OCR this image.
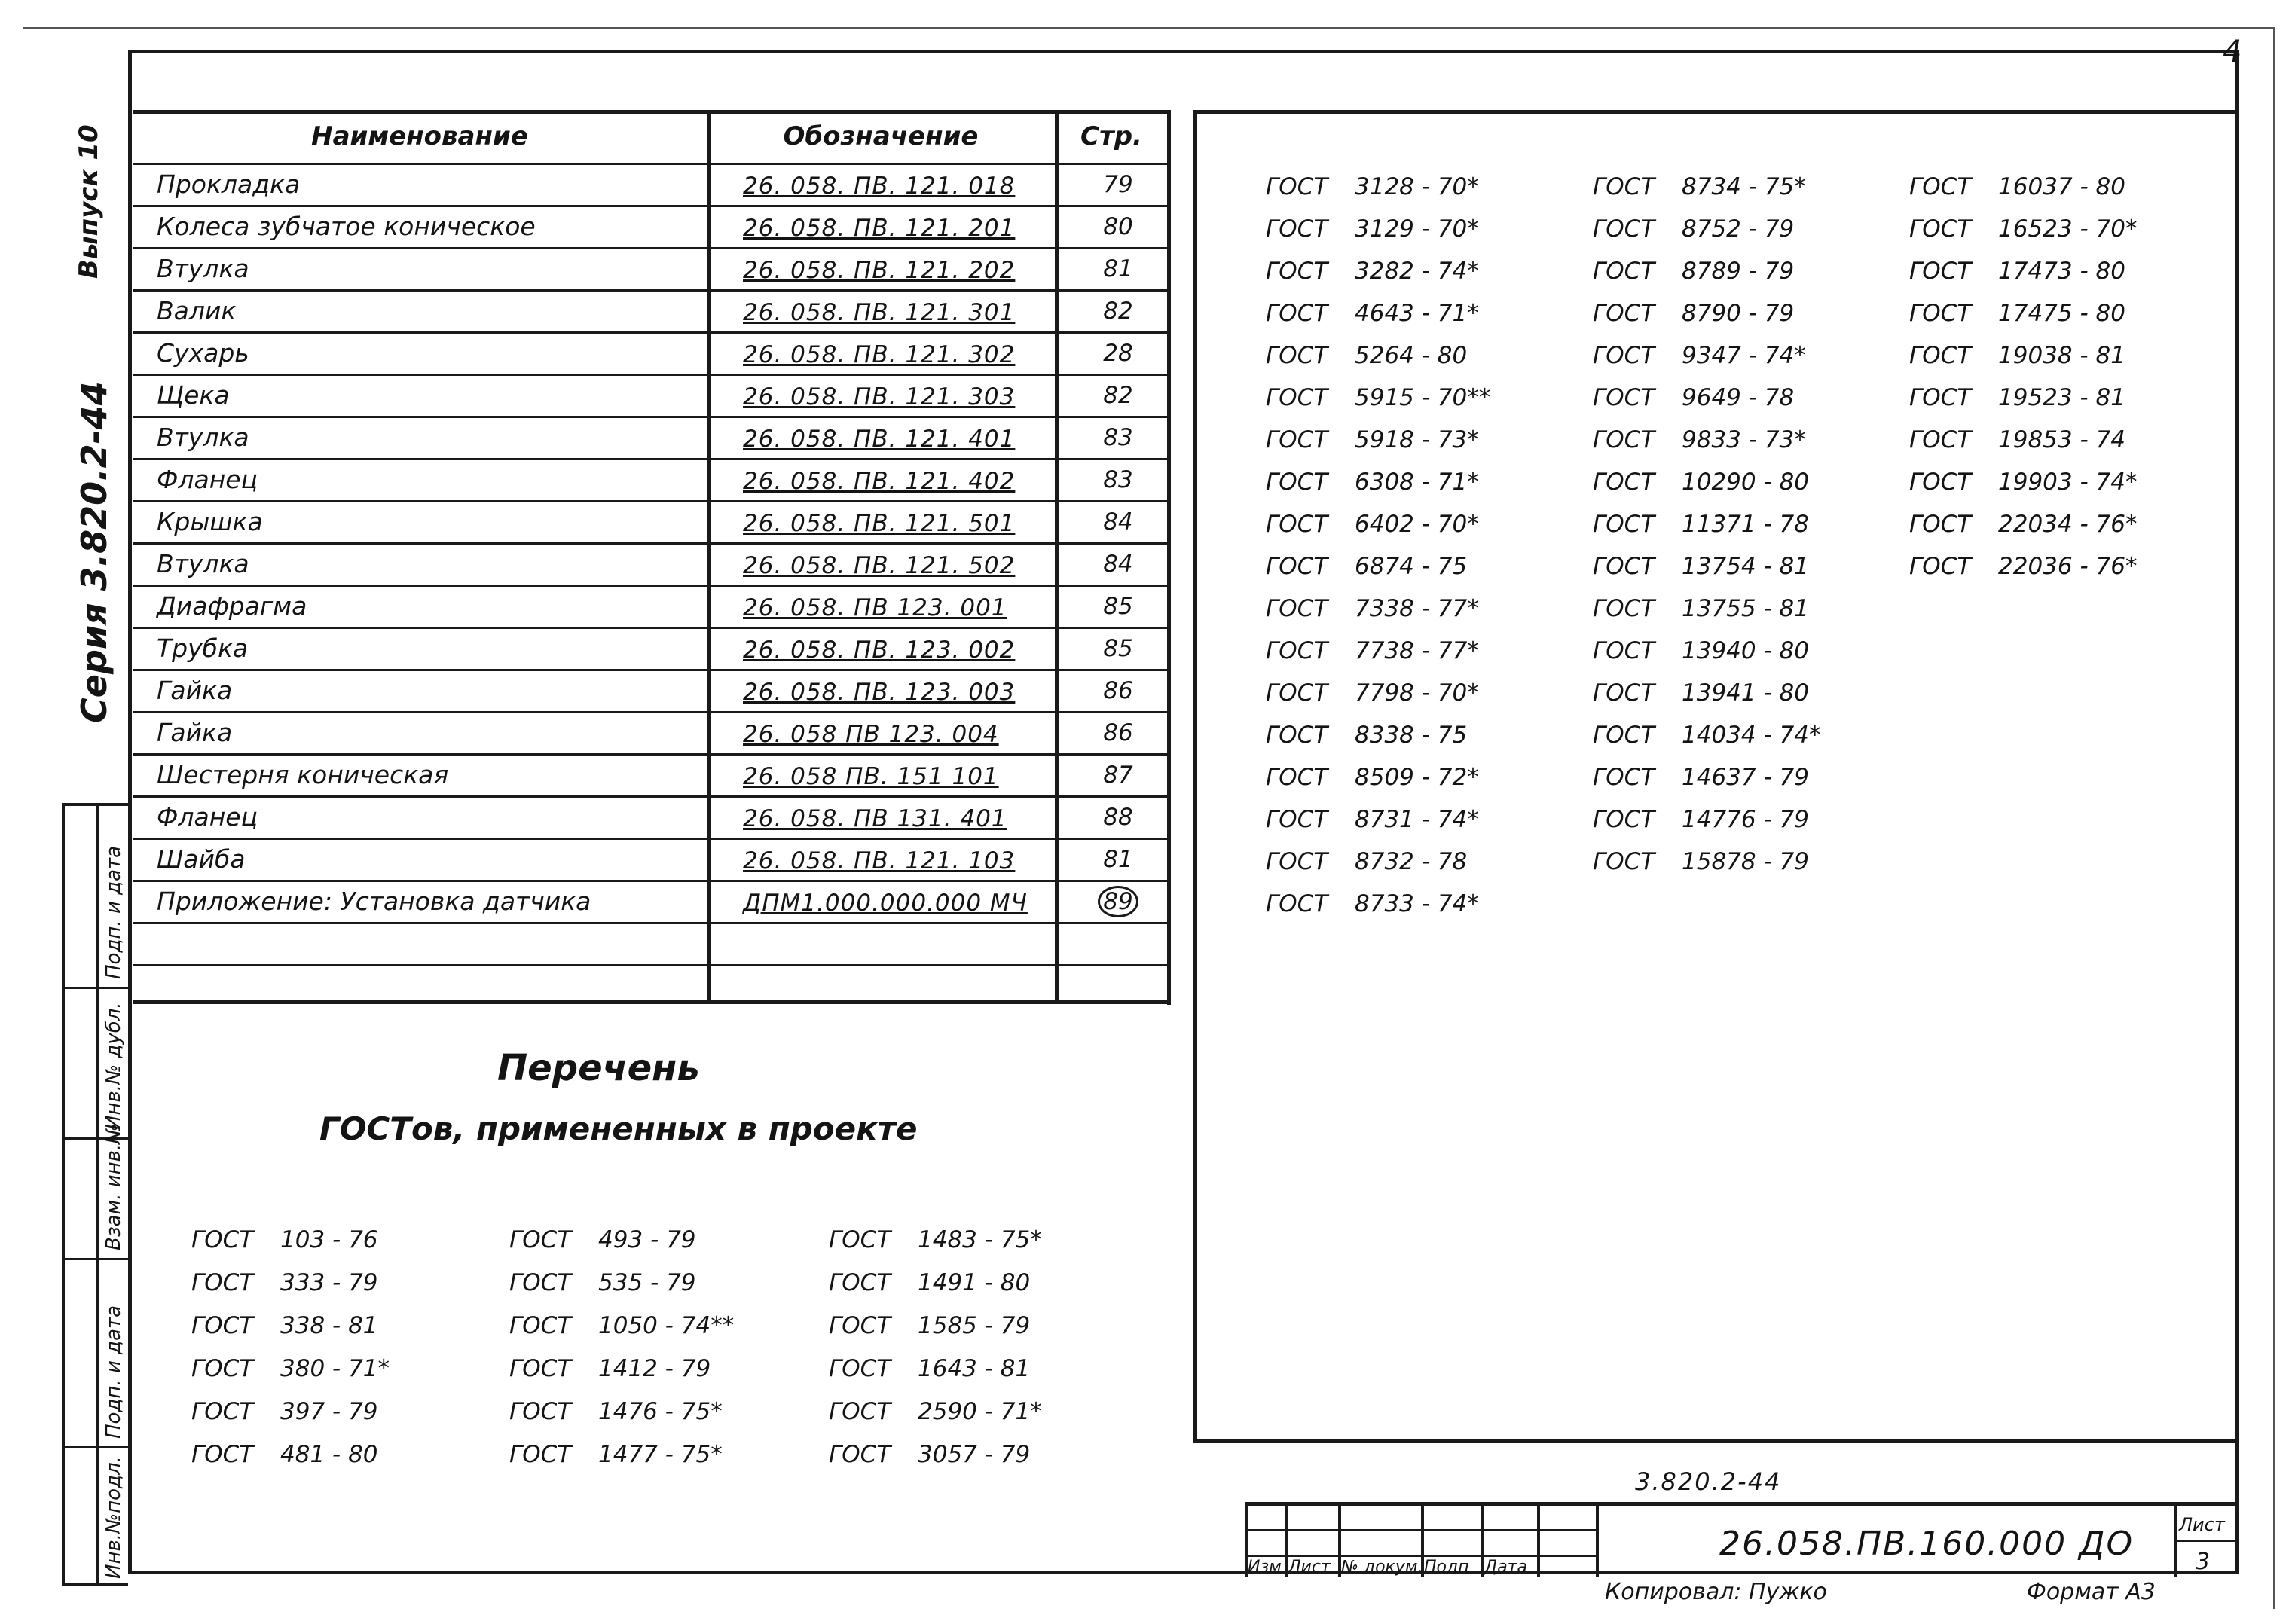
4
Серия 3.820.2-44
Выпуск 10
Подп. и дата
Инв.№ дубл.
Взам. инв.№
Подп. и дата
Инв.№подл.
Наименование	Обозначение	Стр.
Прокладка	26. 058. ПВ. 121. 018	79
Колеса зубчатое коническое	26. 058. ПВ. 121. 201	80
Втулка	26. 058. ПВ. 121. 202	81
Валик	26. 058. ПВ. 121. 301	82
Сухарь	26. 058. ПВ. 121. 302	28
Щека	26. 058. ПВ. 121. 303	82
Втулка	26. 058. ПВ. 121. 401	83
Фланец	26. 058. ПВ. 121. 402	83
Крышка	26. 058. ПВ. 121. 501	84
Втулка	26. 058. ПВ. 121. 502	84
Диафрагма	26. 058. ПВ 123. 001	85
Трубка	26. 058. ПВ. 123. 002	85
Гайка	26. 058. ПВ. 123. 003	86
Гайка	26. 058 ПВ 123. 004	86
Шестерня коническая	26. 058 ПВ. 151 101	87
Фланец	26. 058. ПВ 131. 401	88
Шайба	26. 058. ПВ. 121. 103	81
Приложение: Установка датчика	ДПМ1.000.000.000 МЧ	89
Перечень
ГОСТов, примененных в проекте
ГОСТ 103 - 76
ГОСТ 333 - 79
ГОСТ 338 - 81
ГОСТ 380 - 71*
ГОСТ 397 - 79
ГОСТ 481 - 80
ГОСТ 493 - 79
ГОСТ 535 - 79
ГОСТ 1050 - 74**
ГОСТ 1412 - 79
ГОСТ 1476 - 75*
ГОСТ 1477 - 75*
ГОСТ 1483 - 75*
ГОСТ 1491 - 80
ГОСТ 1585 - 79
ГОСТ 1643 - 81
ГОСТ 2590 - 71*
ГОСТ 3057 - 79
ГОСТ 3128 - 70*
ГОСТ 3129 - 70*
ГОСТ 3282 - 74*
ГОСТ 4643 - 71*
ГОСТ 5264 - 80
ГОСТ 5915 - 70**
ГОСТ 5918 - 73*
ГОСТ 6308 - 71*
ГОСТ 6402 - 70*
ГОСТ 6874 - 75
ГОСТ 7338 - 77*
ГОСТ 7738 - 77*
ГОСТ 7798 - 70*
ГОСТ 8338 - 75
ГОСТ 8509 - 72*
ГОСТ 8731 - 74*
ГОСТ 8732 - 78
ГОСТ 8733 - 74*
ГОСТ 8734 - 75*
ГОСТ 8752 - 79
ГОСТ 8789 - 79
ГОСТ 8790 - 79
ГОСТ 9347 - 74*
ГОСТ 9649 - 78
ГОСТ 9833 - 73*
ГОСТ 10290 - 80
ГОСТ 11371 - 78
ГОСТ 13754 - 81
ГОСТ 13755 - 81
ГОСТ 13940 - 80
ГОСТ 13941 - 80
ГОСТ 14034 - 74*
ГОСТ 14637 - 79
ГОСТ 14776 - 79
ГОСТ 15878 - 79
ГОСТ 16037 - 80
ГОСТ 16523 - 70*
ГОСТ 17473 - 80
ГОСТ 17475 - 80
ГОСТ 19038 - 81
ГОСТ 19523 - 81
ГОСТ 19853 - 74
ГОСТ 19903 - 74*
ГОСТ 22034 - 76*
ГОСТ 22036 - 76*
3.820.2-44
Изм Лист № докум. Подп Дата
26.058.ПВ.160.000 ДО Лист
3
Копировал: Пужко	Формат А3
